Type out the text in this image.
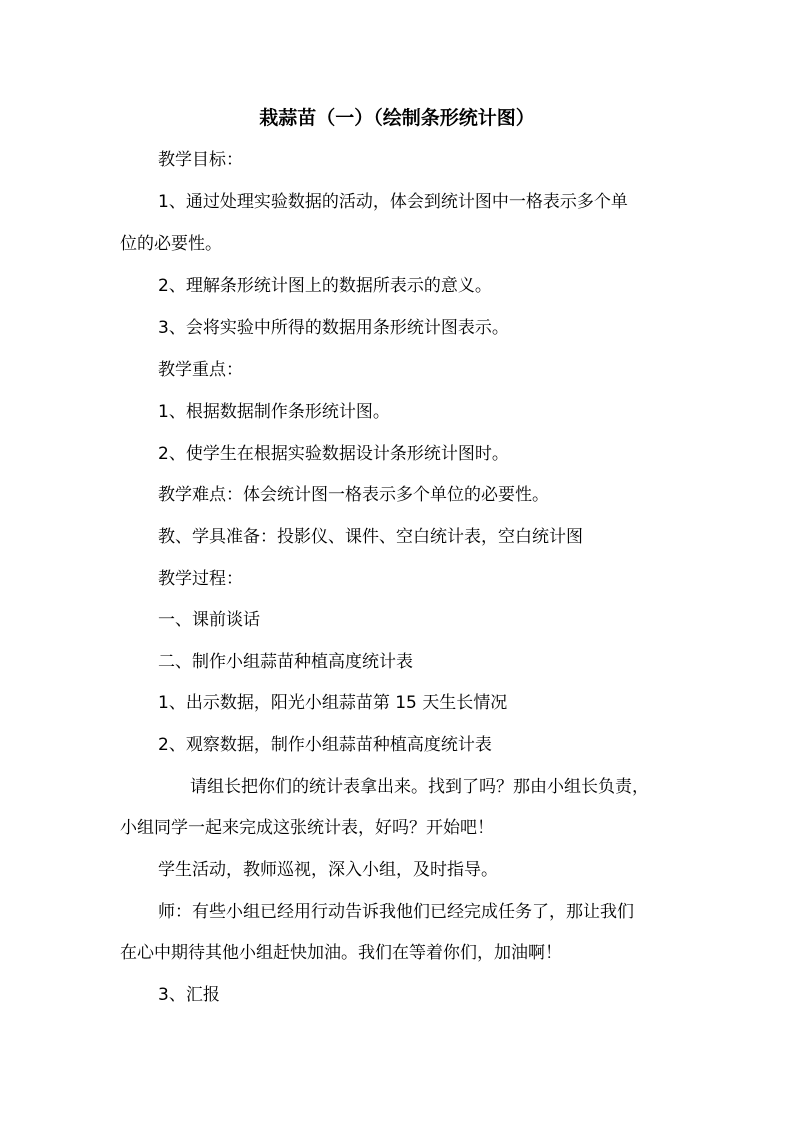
栽蒜苗（一）（绘制条形统计图）

教学目标：

1、通过处理实验数据的活动，体会到统计图中一格表示多个单

位的必要性。

2、理解条形统计图上的数据所表示的意义。

3、会将实验中所得的数据用条形统计图表示。

教学重点：

1、根据数据制作条形统计图。

2、使学生在根据实验数据设计条形统计图时。

教学难点：体会统计图一格表示多个单位的必要性。

教、学具准备：投影仪、课件、空白统计表，空白统计图

教学过程：

一、课前谈话

二、制作小组蒜苗种植高度统计表

1、出示数据，阳光小组蒜苗第 15 天生长情况

2、观察数据，制作小组蒜苗种植高度统计表

请组长把你们的统计表拿出来。找到了吗？那由小组长负责，

小组同学一起来完成这张统计表，好吗？开始吧！

学生活动，教师巡视，深入小组，及时指导。

师：有些小组已经用行动告诉我他们已经完成任务了，那让我们

在心中期待其他小组赶快加油。我们在等着你们，加油啊！

3、汇报
